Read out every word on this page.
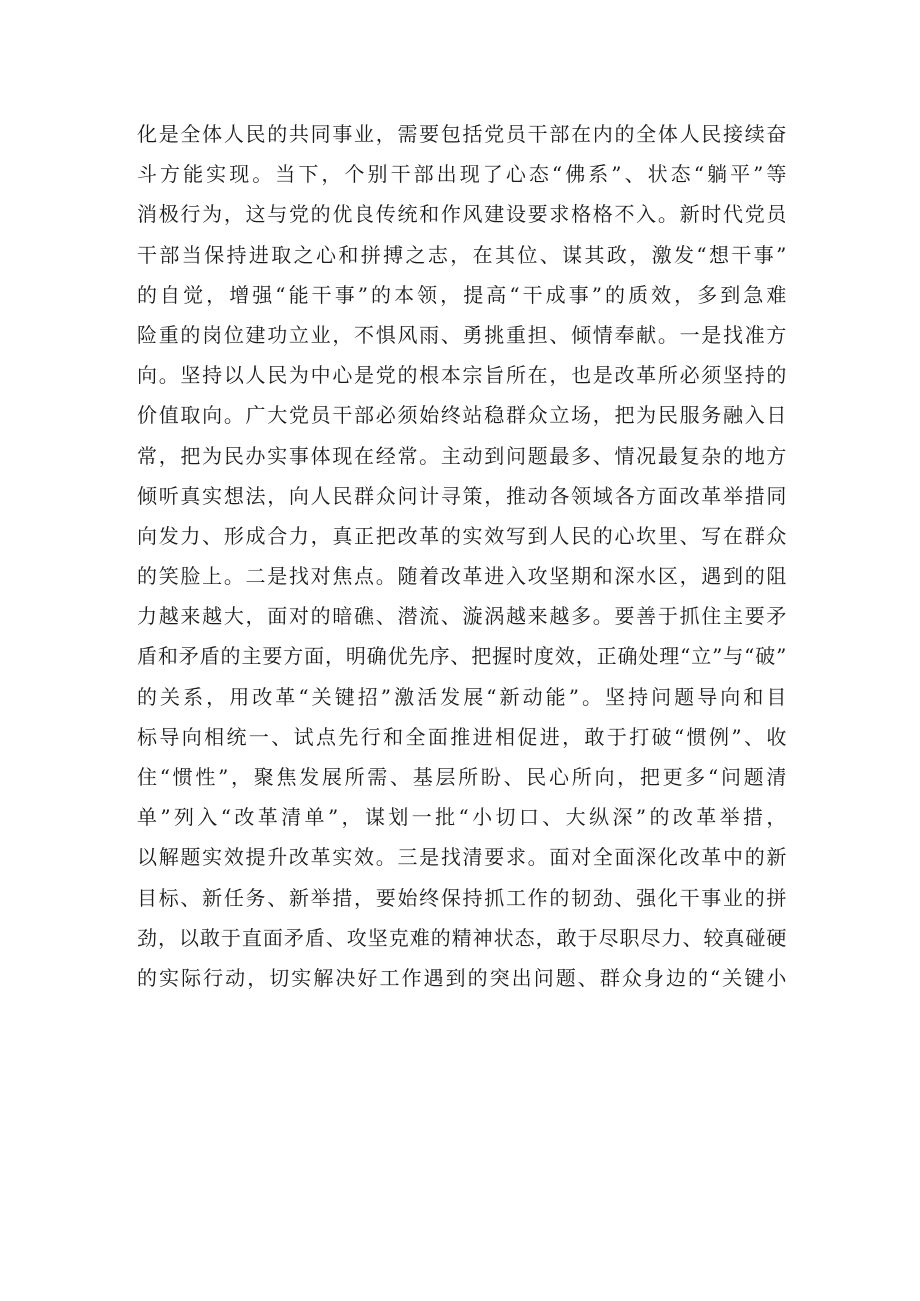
化是全体人民的共同事业，需要包括党员干部在内的全体人民接续奋
斗方能实现。当下，个别干部出现了心态“佛系”、状态“躺平”等
消极行为，这与党的优良传统和作风建设要求格格不入。新时代党员
干部当保持进取之心和拼搏之志，在其位、谋其政，激发“想干事”
的自觉，增强“能干事”的本领，提高“干成事”的质效，多到急难
险重的岗位建功立业，不惧风雨、勇挑重担、倾情奉献。一是找准方
向。坚持以人民为中心是党的根本宗旨所在，也是改革所必须坚持的
价值取向。广大党员干部必须始终站稳群众立场，把为民服务融入日
常，把为民办实事体现在经常。主动到问题最多、情况最复杂的地方
倾听真实想法，向人民群众问计寻策，推动各领域各方面改革举措同
向发力、形成合力，真正把改革的实效写到人民的心坎里、写在群众
的笑脸上。二是找对焦点。随着改革进入攻坚期和深水区，遇到的阻
力越来越大，面对的暗礁、潜流、漩涡越来越多。要善于抓住主要矛
盾和矛盾的主要方面，明确优先序、把握时度效，正确处理“立”与“破”
的关系，用改革“关键招”激活发展“新动能”。坚持问题导向和目
标导向相统一、试点先行和全面推进相促进，敢于打破“惯例”、收
住“惯性”，聚焦发展所需、基层所盼、民心所向，把更多“问题清
单”列入“改革清单”，谋划一批“小切口、大纵深”的改革举措，
以解题实效提升改革实效。三是找清要求。面对全面深化改革中的新
目标、新任务、新举措，要始终保持抓工作的韧劲、强化干事业的拼
劲，以敢于直面矛盾、攻坚克难的精神状态，敢于尽职尽力、较真碰硬
的实际行动，切实解决好工作遇到的突出问题、群众身边的“关键小
